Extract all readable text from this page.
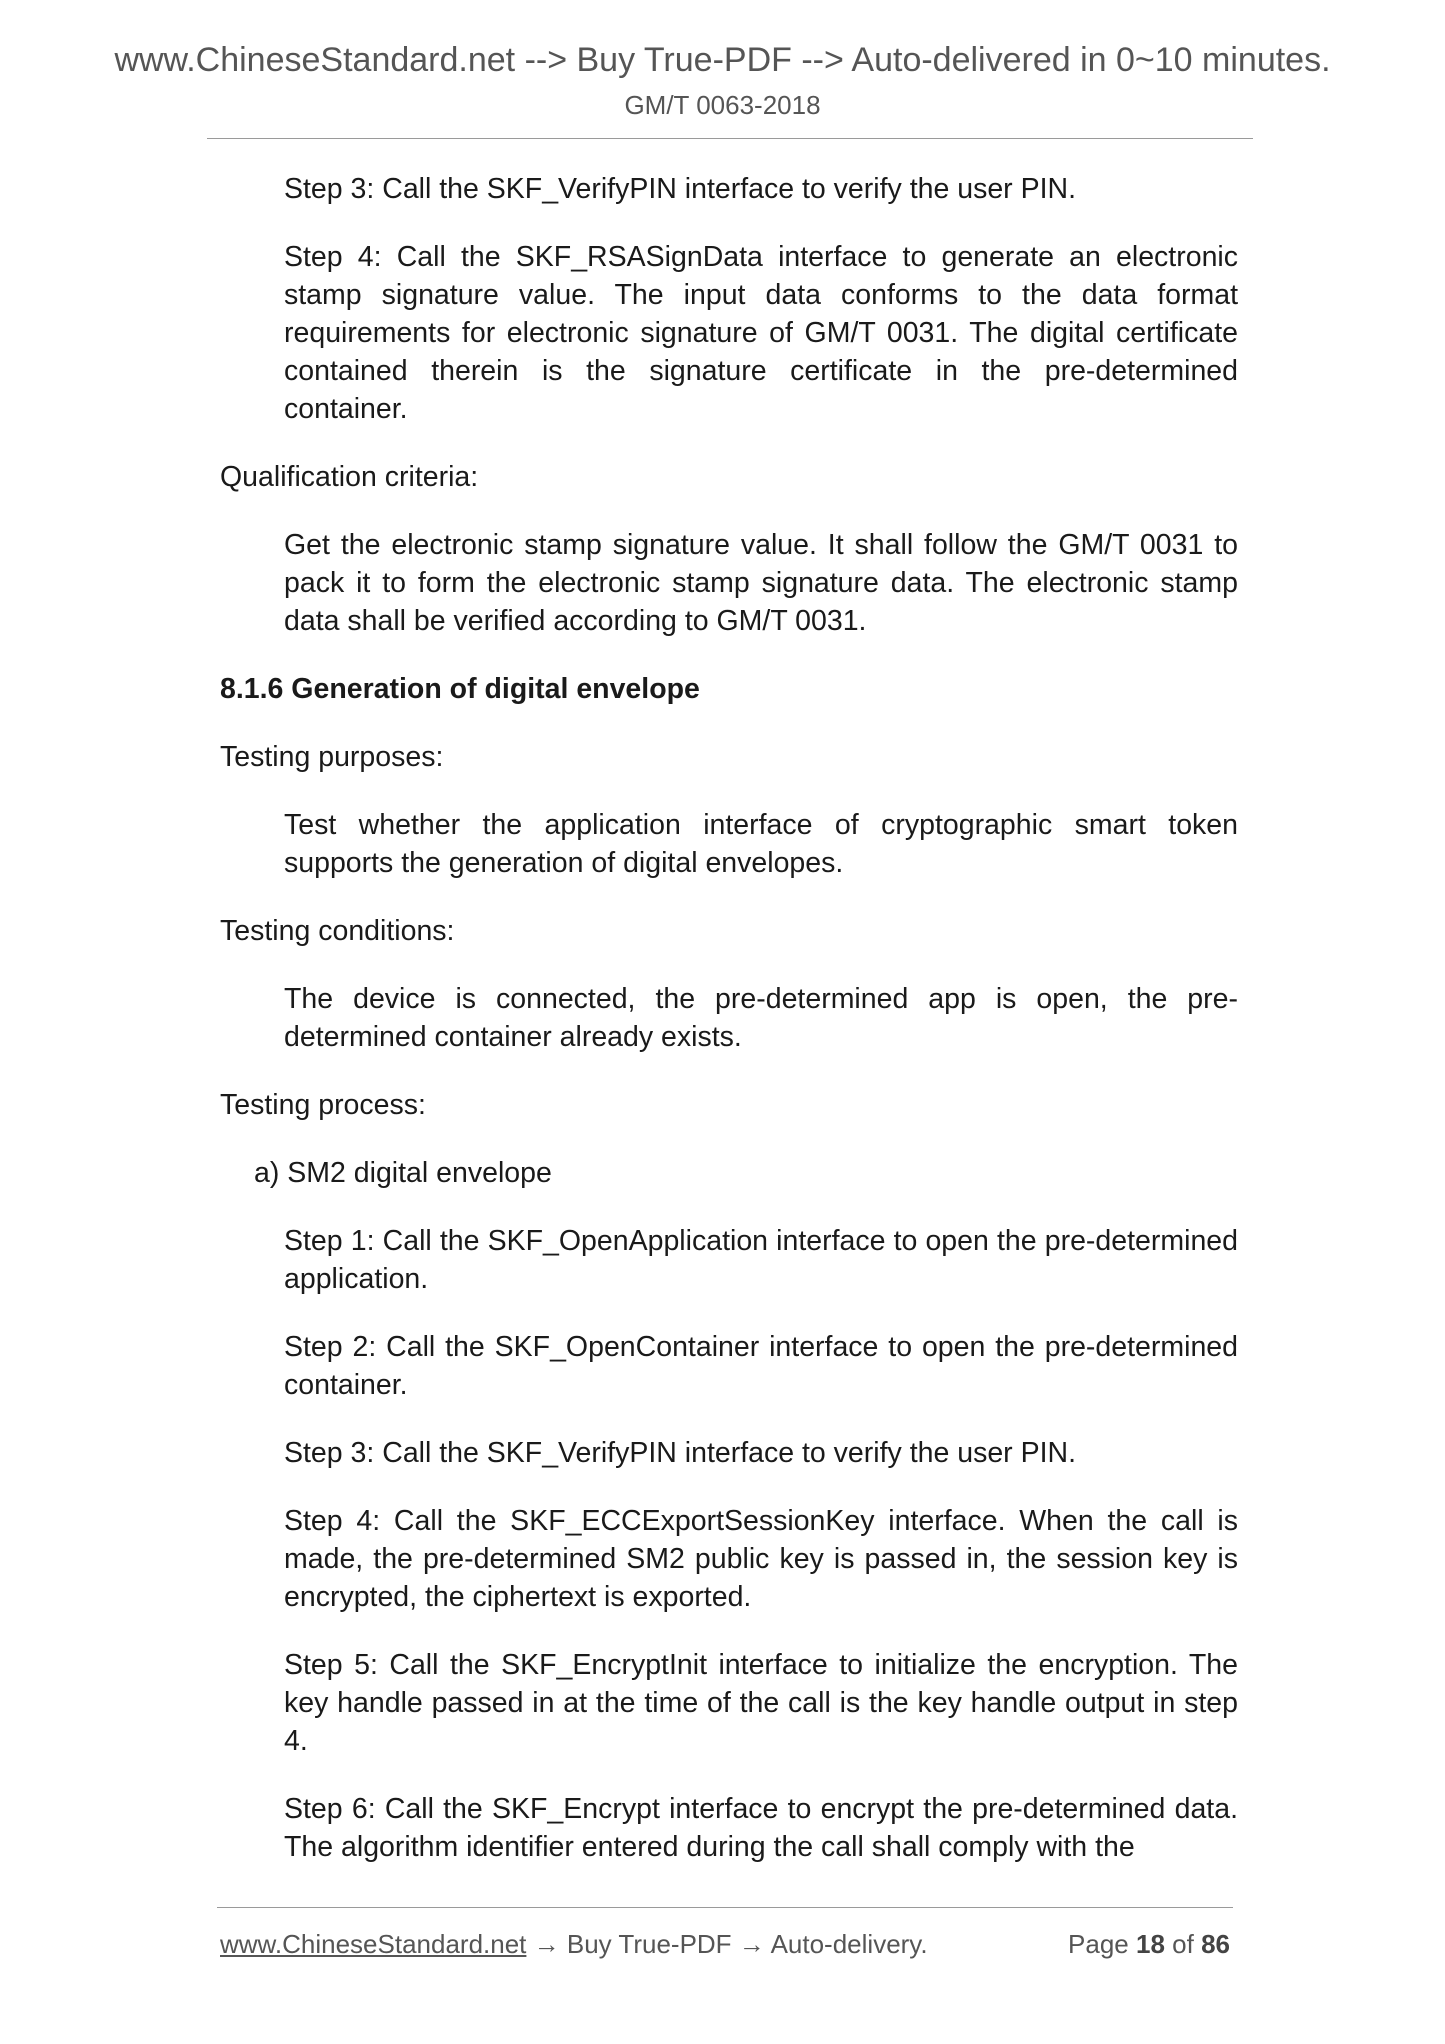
www.ChineseStandard.net --> Buy True-PDF --> Auto-delivered in 0~10 minutes.
GM/T 0063-2018

Step 3: Call the SKF_VerifyPIN interface to verify the user PIN.

Step 4: Call the SKF_RSASignData interface to generate an electronic stamp signature value. The input data conforms to the data format requirements for electronic signature of GM/T 0031. The digital certificate contained therein is the signature certificate in the pre-determined container.

Qualification criteria:

Get the electronic stamp signature value. It shall follow the GM/T 0031 to pack it to form the electronic stamp signature data. The electronic stamp data shall be verified according to GM/T 0031.

8.1.6 Generation of digital envelope

Testing purposes:

Test whether the application interface of cryptographic smart token supports the generation of digital envelopes.

Testing conditions:

The device is connected, the pre-determined app is open, the pre-determined container already exists.

Testing process:

a) SM2 digital envelope

Step 1: Call the SKF_OpenApplication interface to open the pre-determined application.

Step 2: Call the SKF_OpenContainer interface to open the pre-determined container.

Step 3: Call the SKF_VerifyPIN interface to verify the user PIN.

Step 4: Call the SKF_ECCExportSessionKey interface. When the call is made, the pre-determined SM2 public key is passed in, the session key is encrypted, the ciphertext is exported.

Step 5: Call the SKF_EncryptInit interface to initialize the encryption. The key handle passed in at the time of the call is the key handle output in step 4.

Step 6: Call the SKF_Encrypt interface to encrypt the pre-determined data. The algorithm identifier entered during the call shall comply with the

www.ChineseStandard.net → Buy True-PDF → Auto-delivery.	Page 18 of 86
